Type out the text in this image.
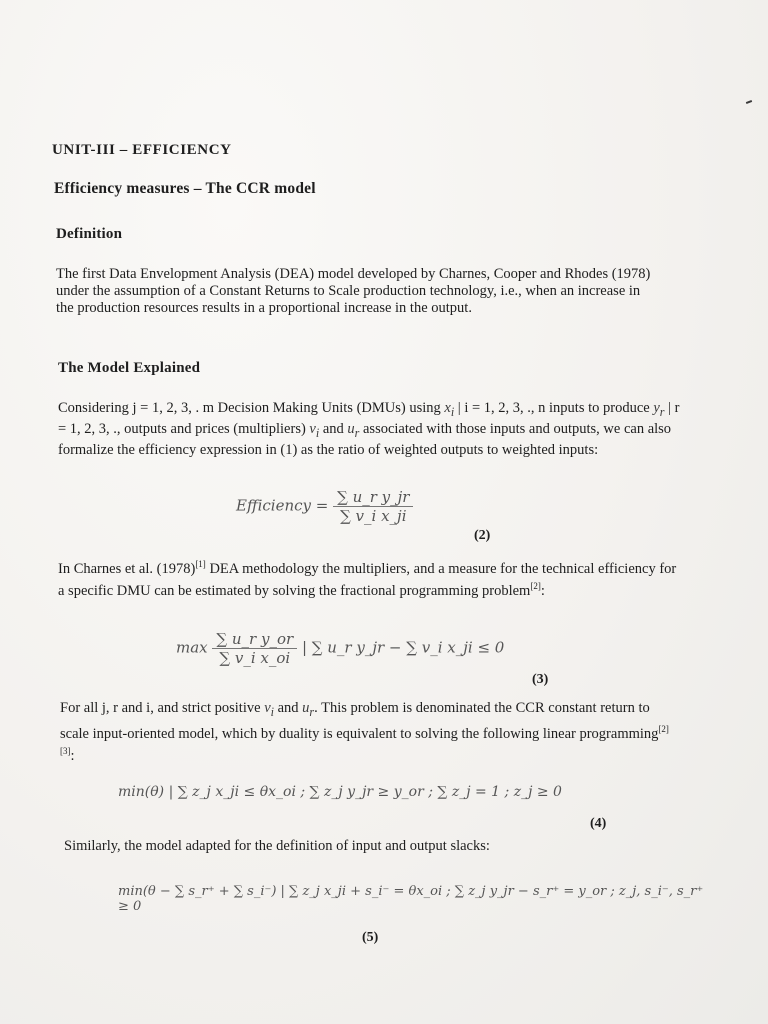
UNIT-III – EFFICIENCY
Efficiency measures – The CCR model
Definition
The first Data Envelopment Analysis (DEA) model developed by Charnes, Cooper and Rhodes (1978) under the assumption of a Constant Returns to Scale production technology, i.e., when an increase in the production resources results in a proportional increase in the output.
The Model Explained
Considering j = 1, 2, 3, . m Decision Making Units (DMUs) using $x_i$ | i = 1, 2, 3, ., n inputs to produce $y_r$ | r = 1, 2, 3, ., outputs and prices (multipliers) $v_i$ and $u_r$ associated with those inputs and outputs, we can also formalize the efficiency expression in (1) as the ratio of weighted outputs to weighted inputs:
Efficiency = $\frac{\text{∑ u\_r y\_jr}}{\text{∑ v\_i x\_ji}}$
(2)
In Charnes et al. (1978)[1] DEA methodology the multipliers, and a measure for the technical efficiency for a specific DMU can be estimated by solving the fractional programming problem[2]:
$\max \frac{\text{∑ u\_r y\_or}}{\text{∑ v\_i x\_oi}}$ | ∑ u_r y_jr − ∑ v_i x_ji ≤ 0
(3)
For all j, r and i, and strict positive $v_i$ and $u_r$. This problem is denominated the CCR constant return to scale input-oriented model, which by duality is equivalent to solving the following linear programming[2][3]:
min(θ) | ∑ z_j x_ji ≤ θx_oi ; ∑ z_j y_jr ≥ y_or ; ∑ z_j = 1 ; z_j ≥ 0
(4)
Similarly, the model adapted for the definition of input and output slacks:
min(θ − ∑ s_r⁺ + ∑ s_i⁻) | ∑ z_j x_ji + s_i⁻ = θx_oi ; ∑ z_j y_jr − s_r⁺ = y_or ; z_j, s_i⁻, s_r⁺ ≥ 0
(5)
